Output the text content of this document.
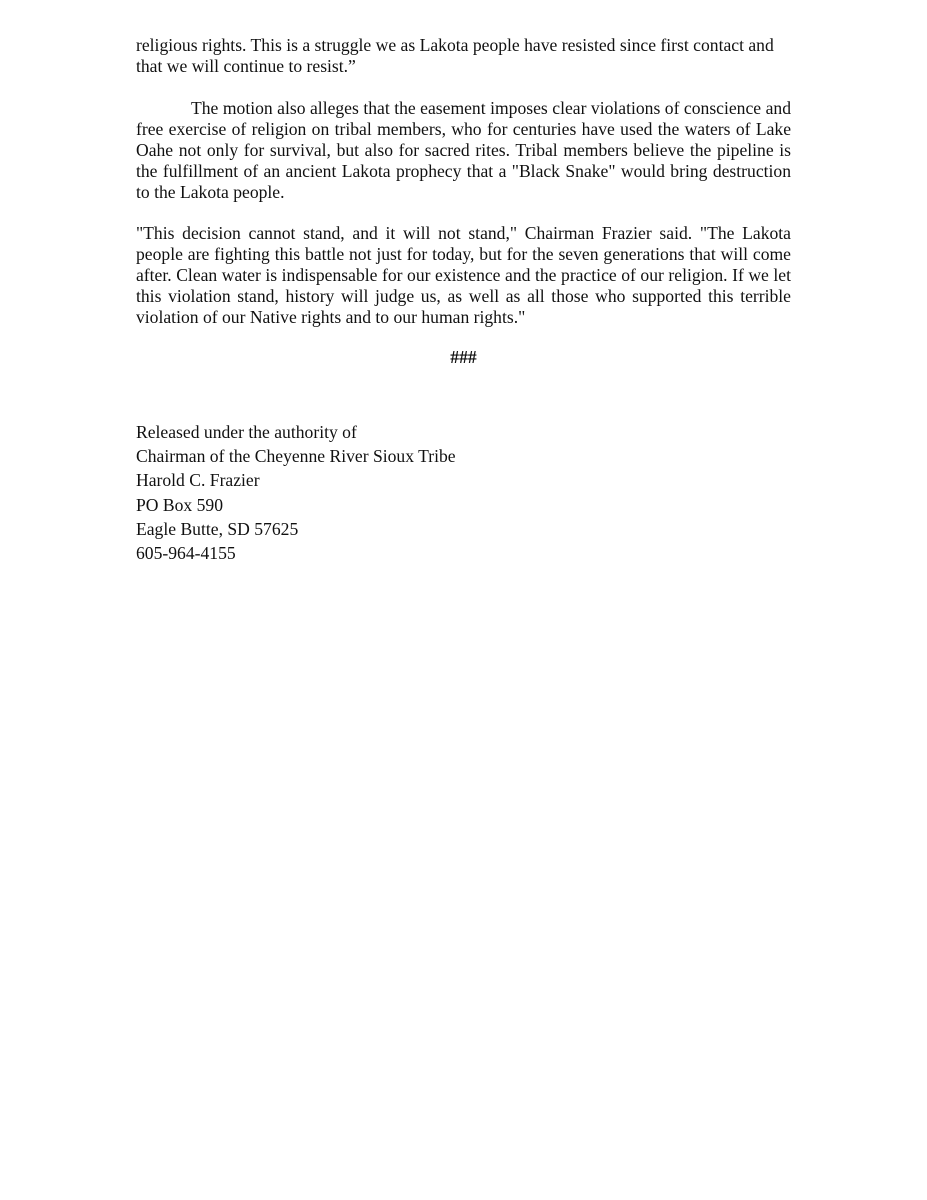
religious rights. This is a struggle we as Lakota people have resisted since first contact and that we will continue to resist.”

The motion also alleges that the easement imposes clear violations of conscience and free exercise of religion on tribal members, who for centuries have used the waters of Lake Oahe not only for survival, but also for sacred rites. Tribal members believe the pipeline is the fulfillment of an ancient Lakota prophecy that a "Black Snake" would bring destruction to the Lakota people.

"This decision cannot stand, and it will not stand," Chairman Frazier said. "The Lakota people are fighting this battle not just for today, but for the seven generations that will come after. Clean water is indispensable for our existence and the practice of our religion. If we let this violation stand, history will judge us, as well as all those who supported this terrible violation of our Native rights and to our human rights."

###

Released under the authority of
Chairman of the Cheyenne River Sioux Tribe
Harold C. Frazier
PO Box 590
Eagle Butte, SD 57625
605-964-4155
